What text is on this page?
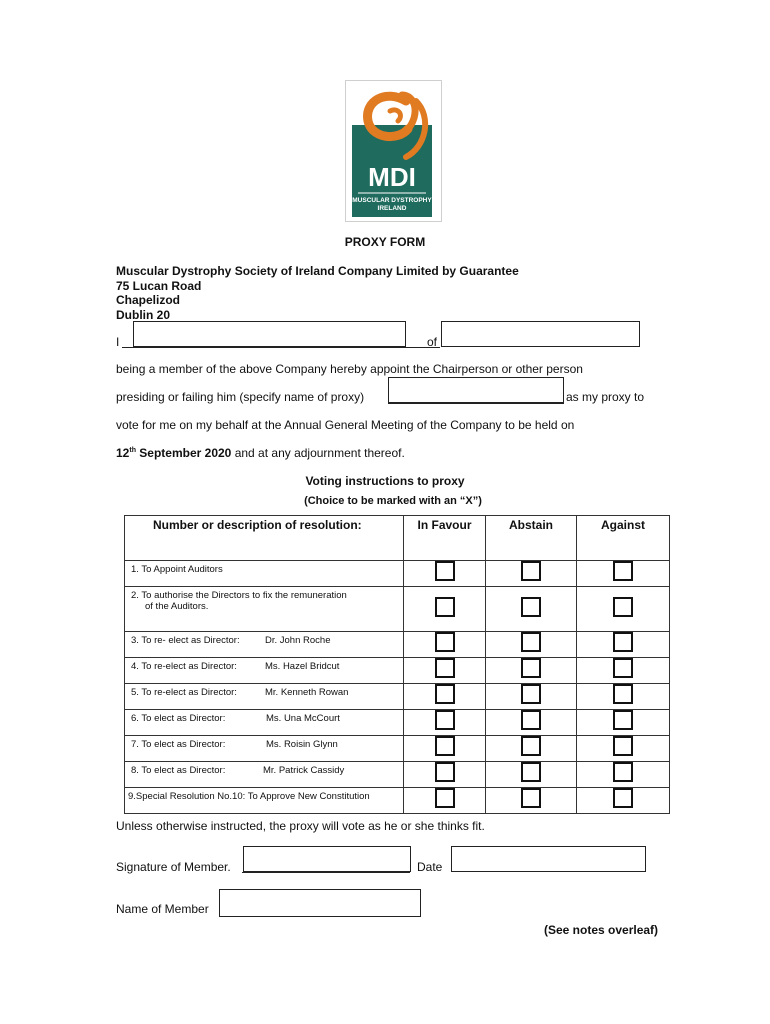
MDI
MUSCULAR DYSTROPHY
IRELAND
PROXY FORM
Muscular Dystrophy Society of Ireland Company Limited by Guarantee
75 Lucan Road
Chapelizod
Dublin 20
I	of
being a member of the above Company hereby appoint the Chairperson or other person
presiding or failing him (specify name of proxy)	as my proxy to
vote for me on my behalf at the Annual General Meeting of the Company to be held on
12th September 2020 and at any adjournment thereof.
Voting instructions to proxy
(Choice to be marked with an “X”)
Number or description of resolution:	In Favour	Abstain	Against
1. To Appoint Auditors			

2. To authorise the Directors to fix the remuneration
of the Auditors.			

3. To re- elect as Director: Dr. John Roche			

4. To re-elect as Director: Ms. Hazel Bridcut			

5. To re-elect as Director: Mr. Kenneth Rowan			

6. To elect as Director: Ms. Una McCourt			

7. To elect as Director: Ms. Roisin Glynn			

8. To elect as Director: Mr. Patrick Cassidy			

9.Special Resolution No.10: To Approve New Constitution			
Unless otherwise instructed, the proxy will vote as he or she thinks fit.
Signature of Member.	Date
Name of Member
(See notes overleaf)
